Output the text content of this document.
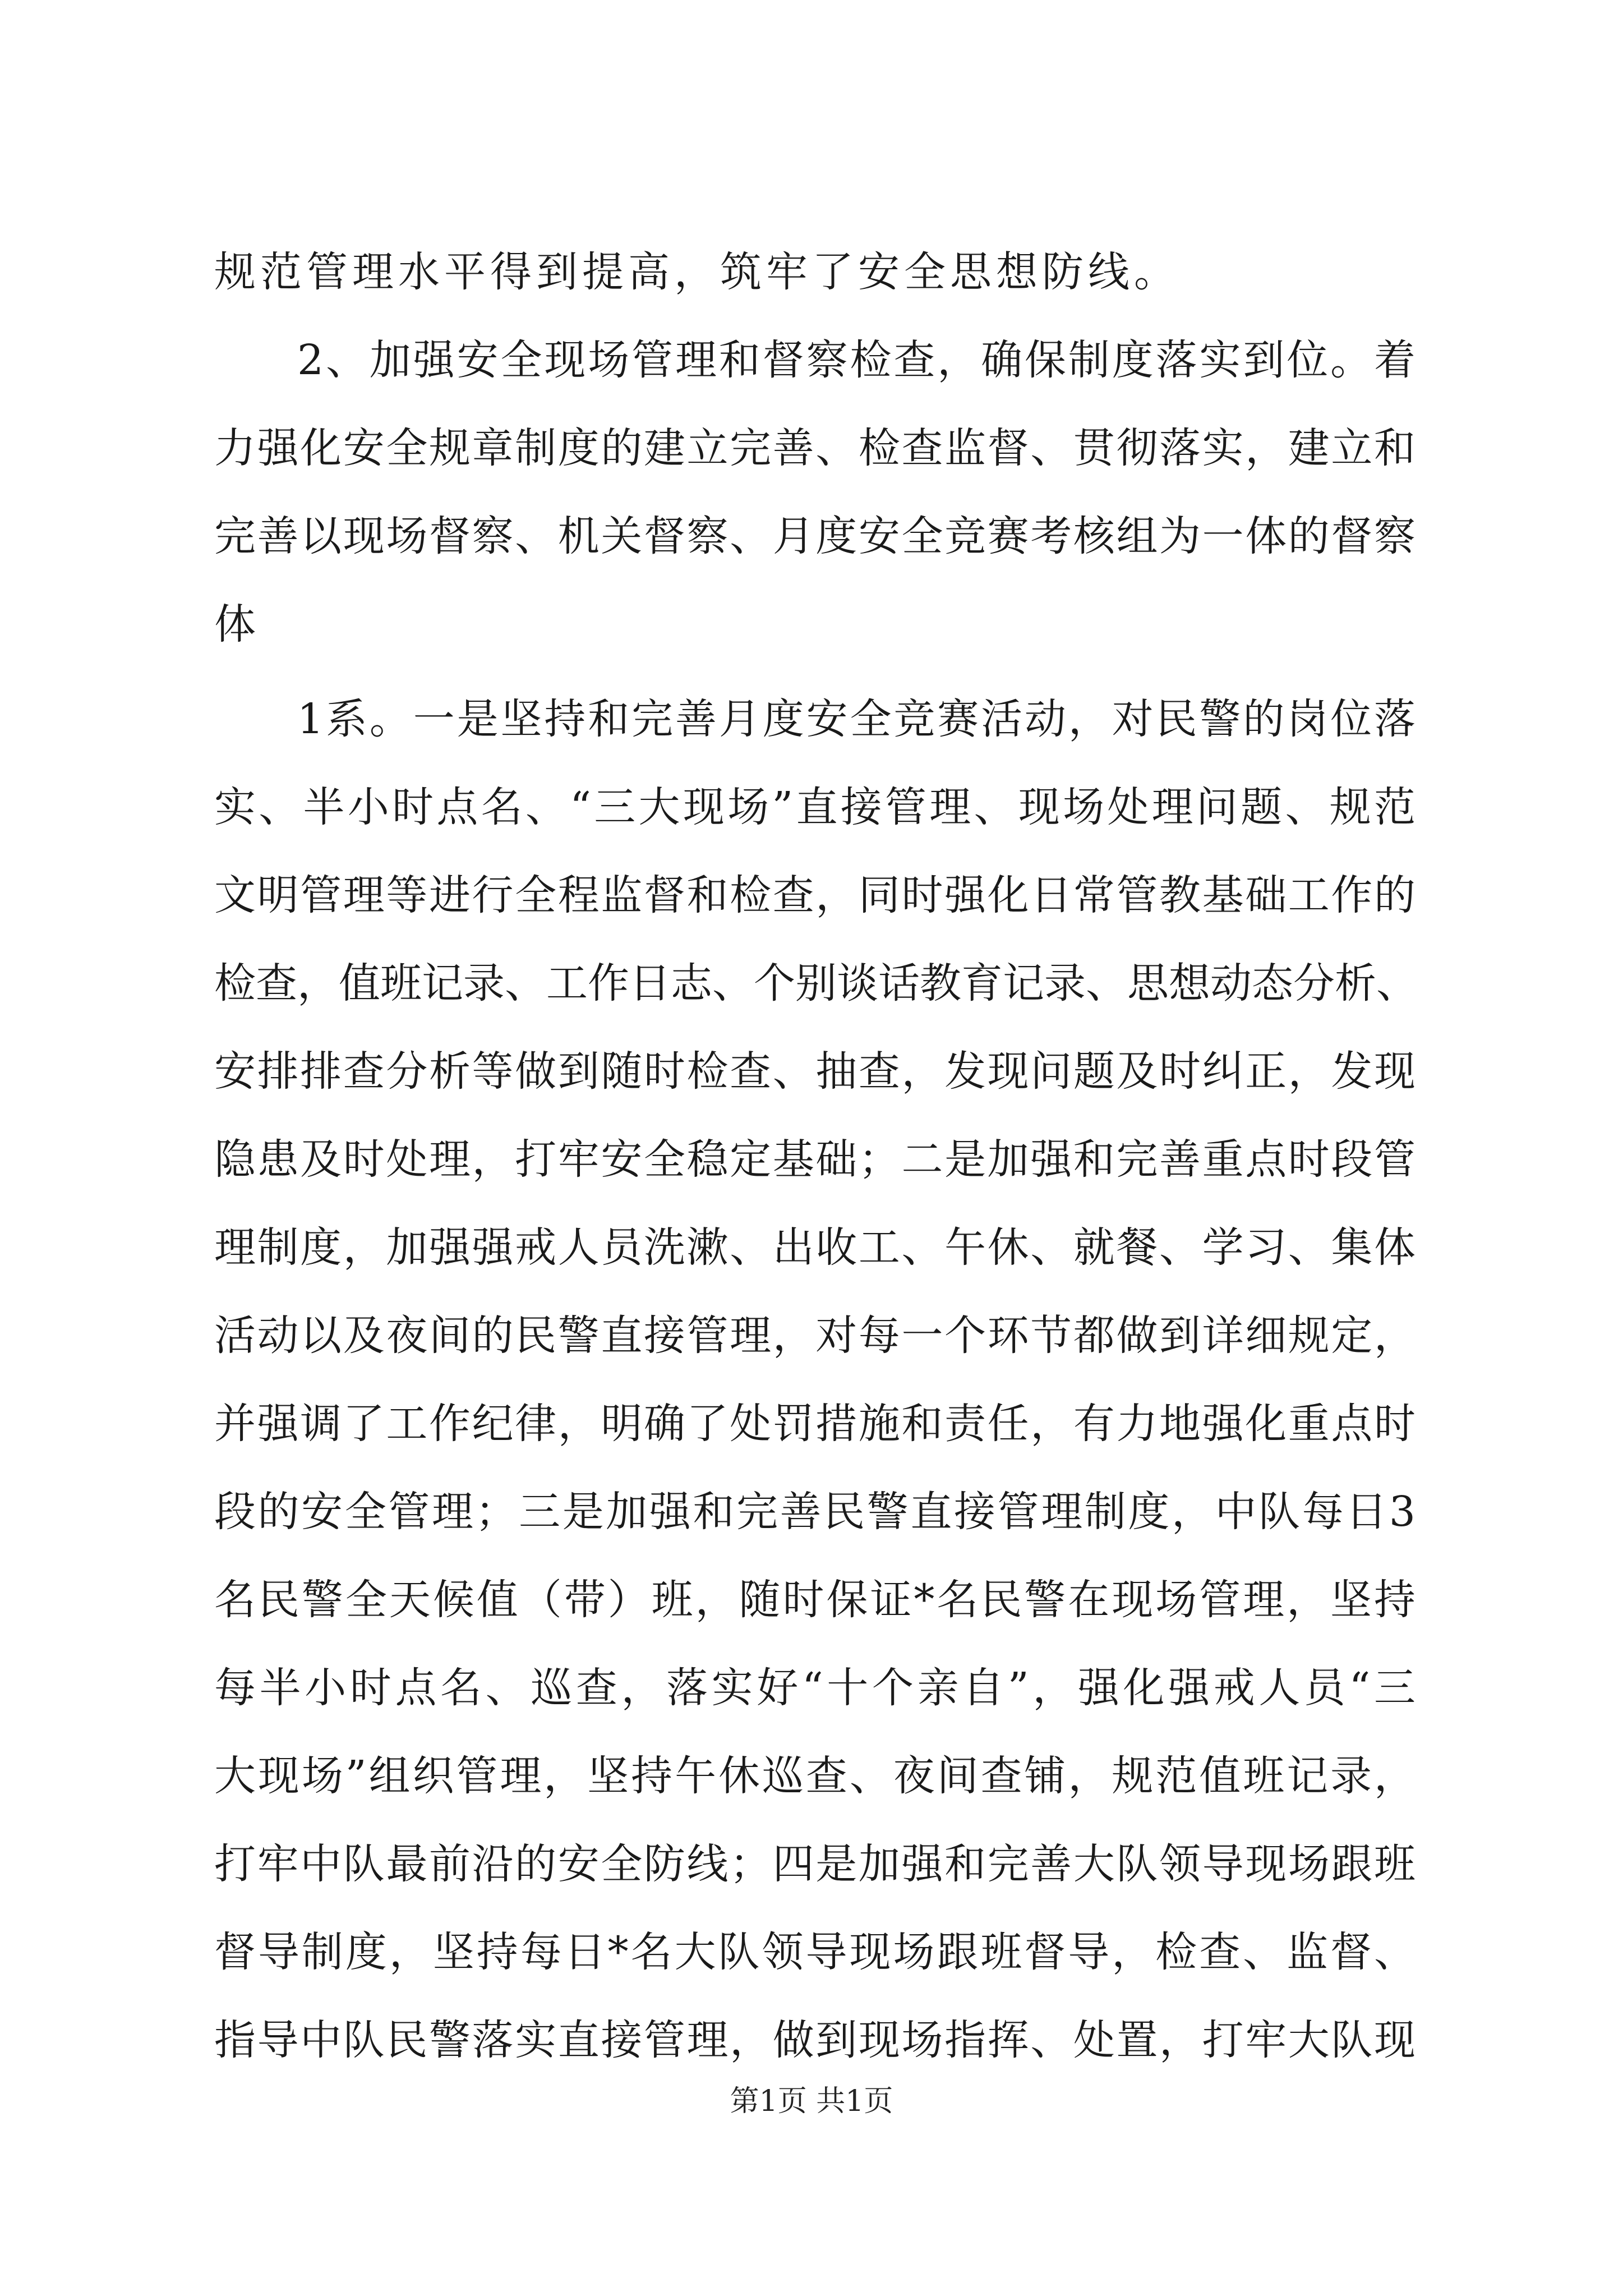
规范管理水平得到提高，筑牢了安全思想防线。
2、加强安全现场管理和督察检查，确保制度落实到位。着
力强化安全规章制度的建立完善、检查监督、贯彻落实，建立和
完善以现场督察、机关督察、月度安全竞赛考核组为一体的督察
体
1系。一是坚持和完善月度安全竞赛活动，对民警的岗位落
实、半小时点名、“三大现场”直接管理、现场处理问题、规范
文明管理等进行全程监督和检查，同时强化日常管教基础工作的
检查，值班记录、工作日志、个别谈话教育记录、思想动态分析、
安排排查分析等做到随时检查、抽查，发现问题及时纠正，发现
隐患及时处理，打牢安全稳定基础；二是加强和完善重点时段管
理制度，加强强戒人员洗漱、出收工、午休、就餐、学习、集体
活动以及夜间的民警直接管理，对每一个环节都做到详细规定，
并强调了工作纪律，明确了处罚措施和责任，有力地强化重点时
段的安全管理；三是加强和完善民警直接管理制度，中队每日3
名民警全天候值（带）班，随时保证*名民警在现场管理，坚持
每半小时点名、巡查，落实好“十个亲自”，强化强戒人员“三
大现场”组织管理，坚持午休巡查、夜间查铺，规范值班记录，
打牢中队最前沿的安全防线；四是加强和完善大队领导现场跟班
督导制度，坚持每日*名大队领导现场跟班督导，检查、监督、
指导中队民警落实直接管理，做到现场指挥、处置，打牢大队现
第1页 共1页
